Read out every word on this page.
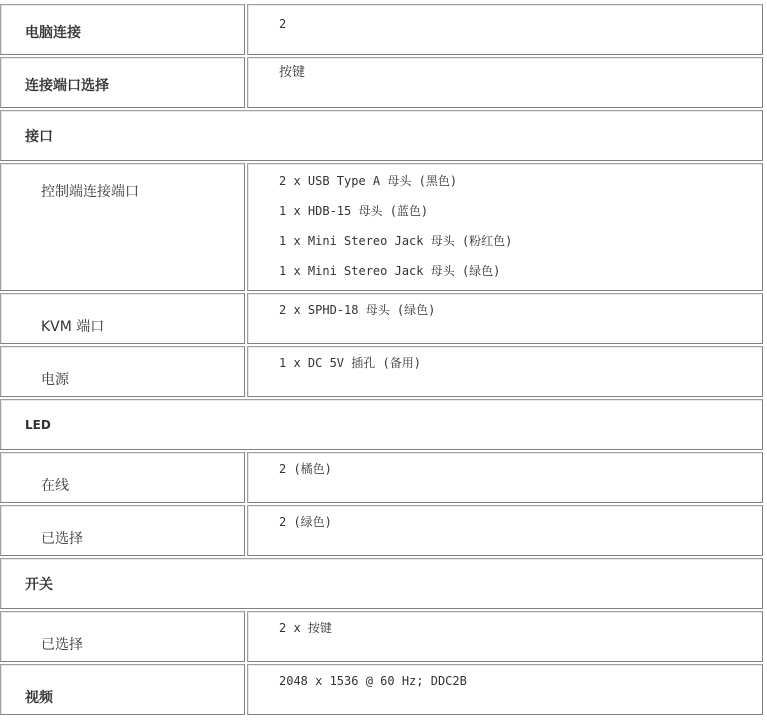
电脑连接	2

连接端口选择	按键

接口	

控制端连接端口	2 x USB Type A 母头 (黑色)
1 x HDB-15 母头 (蓝色)
1 x Mini Stereo Jack 母头 (粉红色)
1 x Mini Stereo Jack 母头 (绿色)

KVM 端口	2 x SPHD-18 母头 (绿色)

电源	1 x DC 5V 插孔 (备用)

LED	

在线	2 (橘色)

已选择	2 (绿色)

开关	

已选择	2 x 按键

视频	2048 x 1536 @ 60 Hz; DDC2B
